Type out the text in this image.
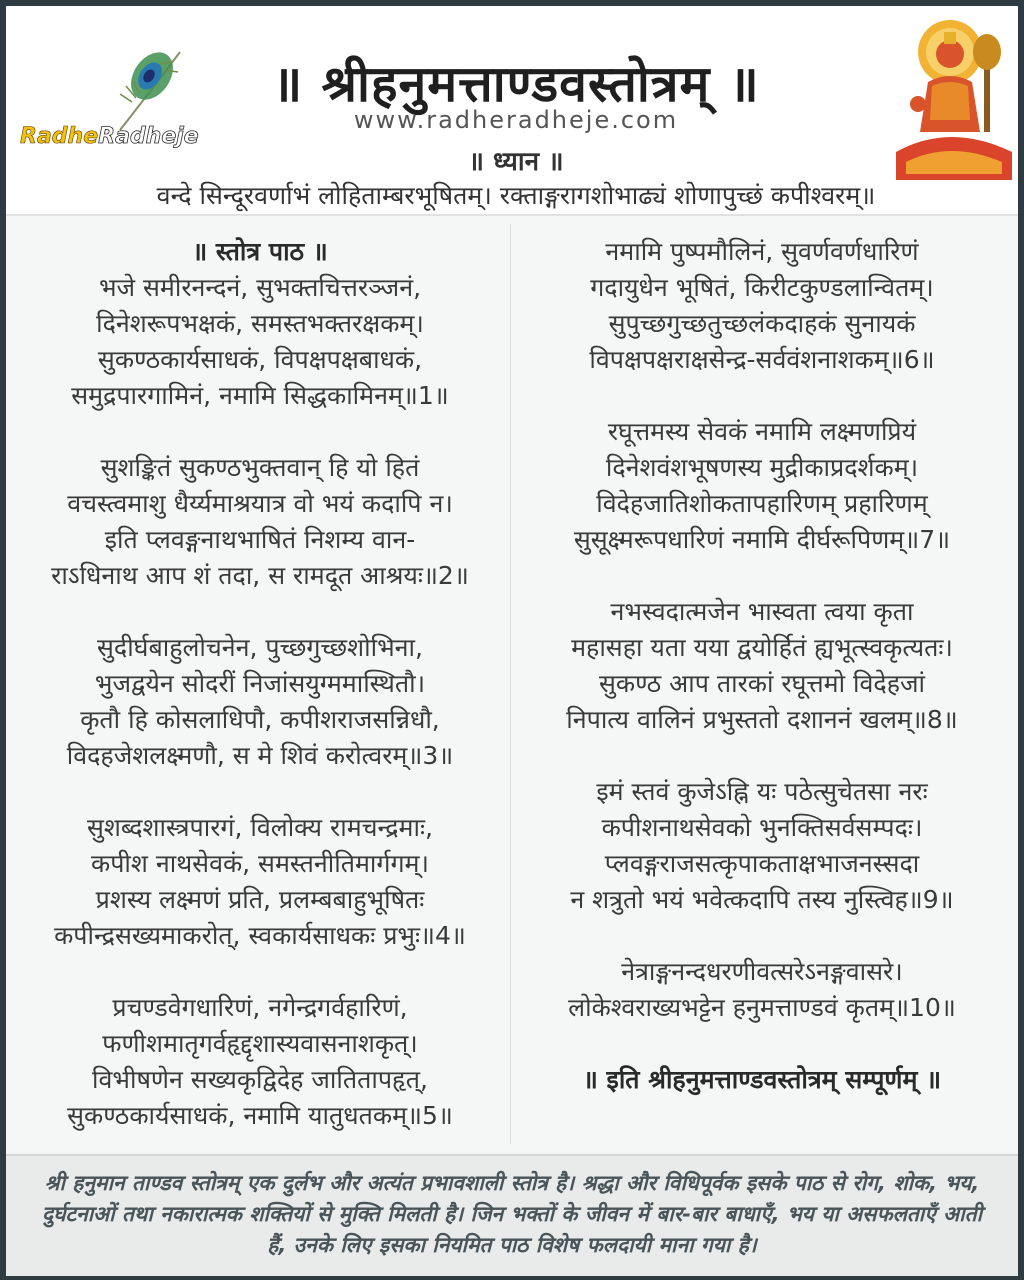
RadheRadheje
॥ श्रीहनुमत्ताण्डवस्तोत्रम् ॥
www.radheradheje.com
॥ ध्यान ॥
वन्दे सिन्दूरवर्णाभं लोहिताम्बरभूषितम्। रक्ताङ्गरागशोभाढ्यं शोणापुच्छं कपीश्वरम्॥
॥ स्तोत्र पाठ ॥
भजे समीरनन्दनं, सुभक्तचित्तरञ्जनं,
दिनेशरूपभक्षकं, समस्तभक्तरक्षकम्।
सुकण्ठकार्यसाधकं, विपक्षपक्षबाधकं,
समुद्रपारगामिनं, नमामि सिद्धकामिनम्॥1॥
सुशङ्कितं सुकण्ठभुक्तवान् हि यो हितं
वचस्त्वमाशु धैर्य्यमाश्रयात्र वो भयं कदापि न।
इति प्लवङ्गनाथभाषितं निशम्य वान-
राऽधिनाथ आप शं तदा, स रामदूत आश्रयः॥2॥
सुदीर्घबाहुलोचनेन, पुच्छगुच्छशोभिना,
भुजद्वयेन सोदरीं निजांसयुग्ममास्थितौ।
कृतौ हि कोसलाधिपौ, कपीशराजसन्निधौ,
विदहजेशलक्ष्मणौ, स मे शिवं करोत्वरम्॥3॥
सुशब्दशास्त्रपारगं, विलोक्य रामचन्द्रमाः,
कपीश नाथसेवकं, समस्तनीतिमार्गगम्।
प्रशस्य लक्ष्मणं प्रति, प्रलम्बबाहुभूषितः
कपीन्द्रसख्यमाकरोत्, स्वकार्यसाधकः प्रभुः॥4॥
प्रचण्डवेगधारिणं, नगेन्द्रगर्वहारिणं,
फणीशमातृगर्वहृद्दृशास्यवासनाशकृत्।
विभीषणेन सख्यकृद्विदेह जातितापहृत्,
सुकण्ठकार्यसाधकं, नमामि यातुधतकम्॥5॥
नमामि पुष्पमौलिनं, सुवर्णवर्णधारिणं
गदायुधेन भूषितं, किरीटकुण्डलान्वितम्।
सुपुच्छगुच्छतुच्छलंकदाहकं सुनायकं
विपक्षपक्षराक्षसेन्द्र-सर्ववंशनाशकम्॥6॥
रघूत्तमस्य सेवकं नमामि लक्ष्मणप्रियं
दिनेशवंशभूषणस्य मुद्रीकाप्रदर्शकम्।
विदेहजातिशोकतापहारिणम् प्रहारिणम्
सुसूक्ष्मरूपधारिणं नमामि दीर्घरूपिणम्॥7॥
नभस्वदात्मजेन भास्वता त्वया कृता
महासहा यता यया द्वयोर्हितं ह्यभूत्स्वकृत्यतः।
सुकण्ठ आप तारकां रघूत्तमो विदेहजां
निपात्य वालिनं प्रभुस्ततो दशाननं खलम्॥8॥
इमं स्तवं कुजेऽह्नि यः पठेत्सुचेतसा नरः
कपीशनाथसेवको भुनक्तिसर्वसम्पदः।
प्लवङ्गराजसत्कृपाकताक्षभाजनस्सदा
न शत्रुतो भयं भवेत्कदापि तस्य नुस्त्विह॥9॥
नेत्राङ्गनन्दधरणीवत्सरेऽनङ्गवासरे।
लोकेश्वराख्यभट्टेन हनुमत्ताण्डवं कृतम्॥10॥
॥ इति श्रीहनुमत्ताण्डवस्तोत्रम् सम्पूर्णम् ॥
श्री हनुमान ताण्डव स्तोत्रम् एक दुर्लभ और अत्यंत प्रभावशाली स्तोत्र है। श्रद्धा और विधिपूर्वक इसके पाठ से रोग, शोक, भय, दुर्घटनाओं तथा नकारात्मक शक्तियों से मुक्ति मिलती है। जिन भक्तों के जीवन में बार-बार बाधाएँ, भय या असफलताएँ आती हैं, उनके लिए इसका नियमित पाठ विशेष फलदायी माना गया है।
